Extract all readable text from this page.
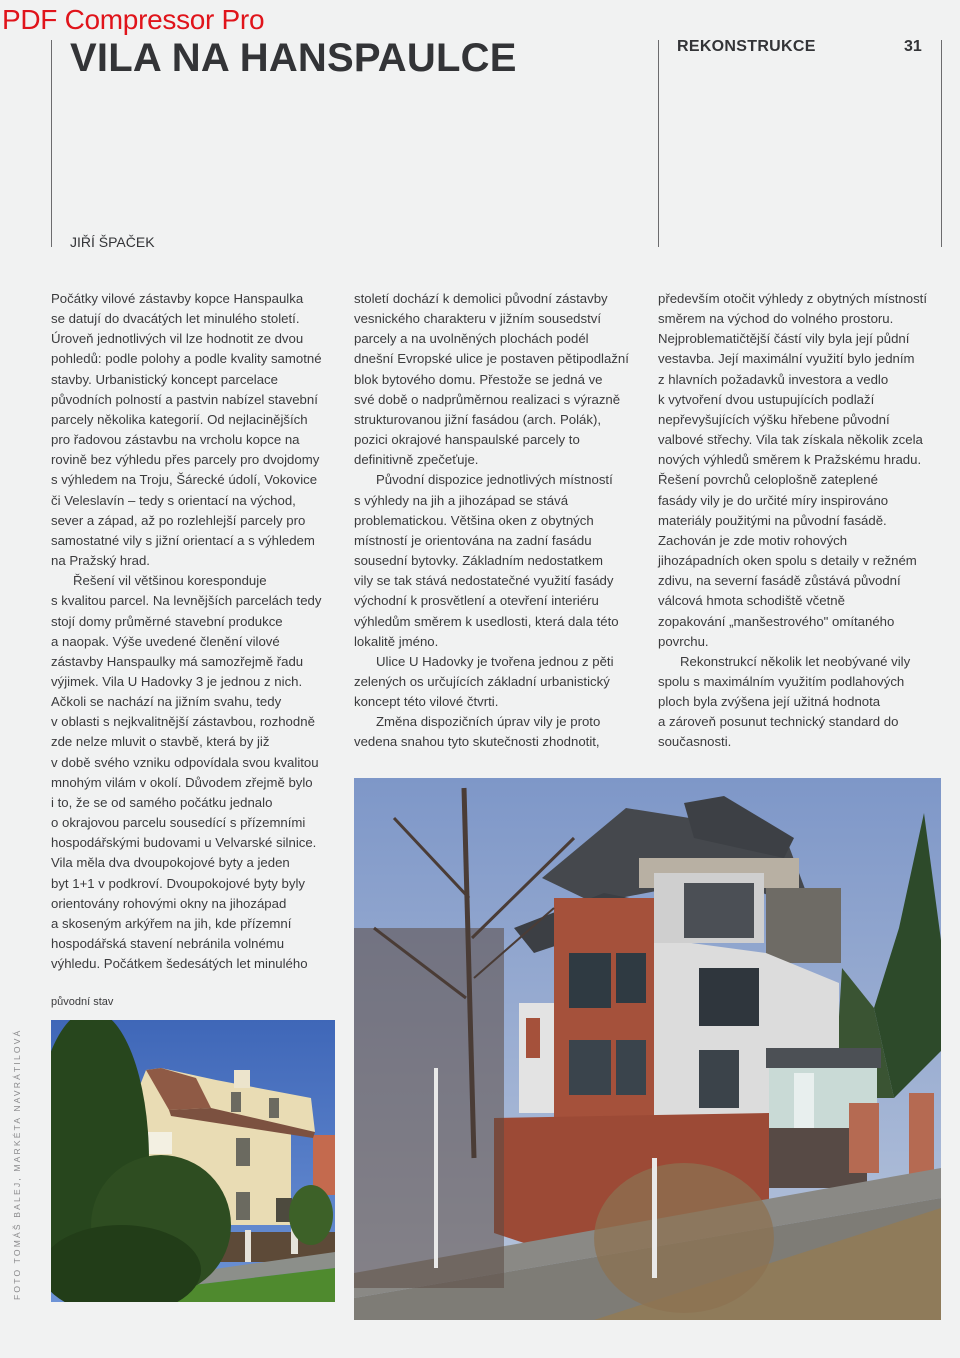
PDF Compressor Pro
VILA NA HANSPAULCE	REKONSTRUKCE	31
JIŘÍ ŠPAČEK

Počátky vilové zástavby kopce Hanspaulka

se datují do dvacátých let minulého století.

Úroveň jednotlivých vil lze hodnotit ze dvou

pohledů: podle polohy a podle kvality samotné

stavby. Urbanistický koncept parcelace

původních polností a pastvin nabízel stavební

parcely několika kategorií. Od nejlacinějších

pro řadovou zástavbu na vrcholu kopce na

rovině bez výhledu přes parcely pro dvojdomy

s výhledem na Troju, Šárecké údolí, Vokovice

či Veleslavín – tedy s orientací na východ,

sever a západ, až po rozlehlejší parcely pro

samostatné vily s jižní orientací a s výhledem

na Pražský hrad.

Řešení vil většinou koresponduje

s kvalitou parcel. Na levnějších parcelách tedy

stojí domy průměrné stavební produkce

a naopak. Výše uvedené členění vilové

zástavby Hanspaulky má samozřejmě řadu

výjimek. Vila U Hadovky 3 je jednou z nich.

Ačkoli se nachází na jižním svahu, tedy

v oblasti s nejkvalitnější zástavbou, rozhodně

zde nelze mluvit o stavbě, která by již

v době svého vzniku odpovídala svou kvalitou

mnohým vilám v okolí. Důvodem zřejmě bylo

i to, že se od samého počátku jednalo

o okrajovou parcelu sousedící s přízemními

hospodářskými budovami u Velvarské silnice.

Vila měla dva dvoupokojové byty a jeden

byt 1+1 v podkroví. Dvoupokojové byty byly

orientovány rohovými okny na jihozápad

a skoseným arkýřem na jih, kde přízemní

hospodářská stavení nebránila volnému

výhledu. Počátkem šedesátých let minulého

století dochází k demolici původní zástavby

vesnického charakteru v jižním sousedství

parcely a na uvolněných plochách podél

dnešní Evropské ulice je postaven pětipodlažní

blok bytového domu. Přestože se jedná ve

své době o nadprůměrnou realizaci s výrazně

strukturovanou jižní fasádou (arch. Polák),

pozici okrajové hanspaulské parcely to

definitivně zpečeťuje.

Původní dispozice jednotlivých místností

s výhledy na jih a jihozápad se stává

problematickou. Většina oken z obytných

místností je orientována na zadní fasádu

sousední bytovky. Základním nedostatkem

vily se tak stává nedostatečné využití fasády

východní k prosvětlení a otevření interiéru

výhledům směrem k usedlosti, která dala této

lokalitě jméno.

Ulice U Hadovky je tvořena jednou z pěti

zelených os určujících základní urbanistický

koncept této vilové čtvrti.

Změna dispozičních úprav vily je proto

vedena snahou tyto skutečnosti zhodnotit,

především otočit výhledy z obytných místností

směrem na východ do volného prostoru.

Nejproblematičtější částí vily byla její půdní

vestavba. Její maximální využití bylo jedním

z hlavních požadavků investora a vedlo

k vytvoření dvou ustupujících podlaží

nepřevyšujících výšku hřebene původní

valbové střechy. Vila tak získala několik zcela

nových výhledů směrem k Pražskému hradu.

Řešení povrchů celoplošně zateplené

fasády vily je do určité míry inspirováno

materiály použitými na původní fasádě.

Zachován je zde motiv rohových

jihozápadních oken spolu s detaily v režném

zdivu, na severní fasádě zůstává původní

válcová hmota schodiště včetně

zopakování „manšestrového" omítaného

povrchu.

Rekonstrukcí několik let neobývané vily

spolu s maximálním využitím podlahových

ploch byla zvýšena její užitná hodnota

a zároveň posunut technický standard do

současnosti.

původní stav
FOTO TOMÁŠ BALEJ, MARKÉTA NAVRÁTILOVÁ
